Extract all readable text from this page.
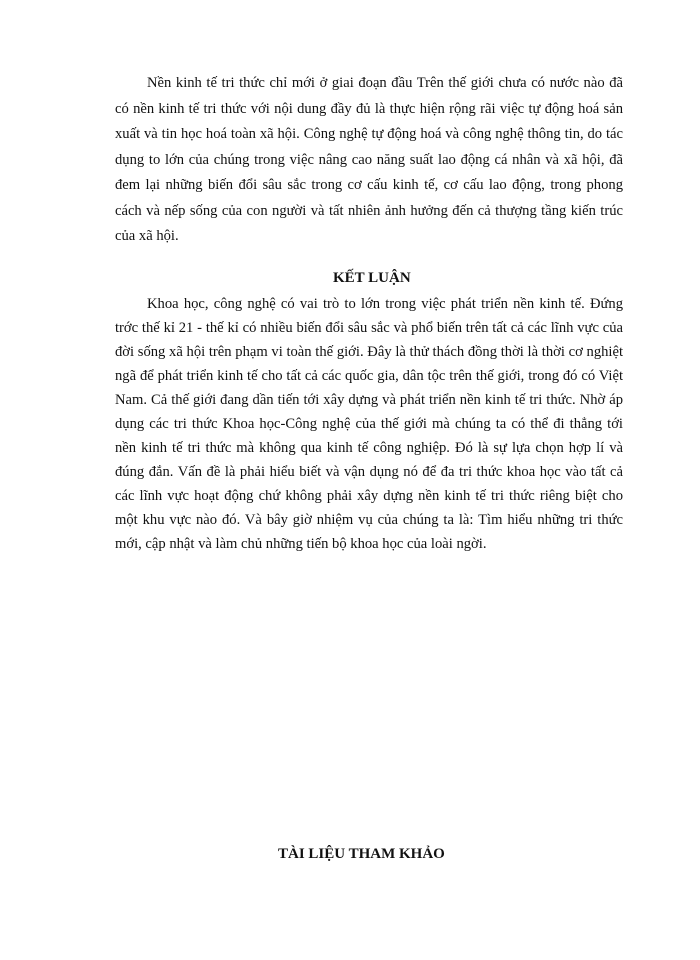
Nền kinh tế tri thức chỉ mới ở giai đoạn đầu Trên thế giới chưa có nước nào đã có nền kinh tế tri thức với nội dung đầy đủ là thực hiện rộng rãi việc tự động hoá sản xuất và tin học hoá toàn xã hội. Công nghệ tự động hoá và công nghệ thông tin, do tác dụng to lớn của chúng trong việc nâng cao năng suất lao động cá nhân và xã hội, đã đem lại những biến đổi sâu sắc trong cơ cấu kinh tế, cơ cấu lao động, trong phong cách và nếp sống của con người và tất nhiên ảnh hưởng đến cả thượng tầng kiến trúc của xã hội.

KẾT LUẬN

Khoa học, công nghệ có vai trò to lớn trong việc phát triển nền kinh tế. Đứng trớc thế kỉ 21 - thế kỉ có nhiều biến đổi sâu sắc và phổ biến trên tất cả các lĩnh vực của đời sống xã hội trên phạm vi toàn thế giới. Đây là thử thách đồng thời là thời cơ nghiệt ngã để phát triển kinh tế cho tất cả các quốc gia, dân tộc trên thế giới, trong đó có Việt Nam. Cả thế giới đang dần tiến tới xây dựng và phát triển nền kinh tế tri thức. Nhờ áp dụng các tri thức Khoa học-Công nghệ của thế giới mà chúng ta có thể đi thẳng tới nền kinh tế tri thức mà không qua kinh tế công nghiệp. Đó là sự lựa chọn hợp lí và đúng đắn. Vấn đề là phải hiểu biết và vận dụng nó để đa tri thức khoa học vào tất cả các lĩnh vực hoạt động chứ không phải xây dựng nền kinh tế tri thức riêng biệt cho một khu vực nào đó. Và bây giờ nhiệm vụ của chúng ta là: Tìm hiểu những tri thức mới, cập nhật và làm chủ những tiến bộ khoa học của loài ngời.

TÀI LIỆU THAM KHẢO
